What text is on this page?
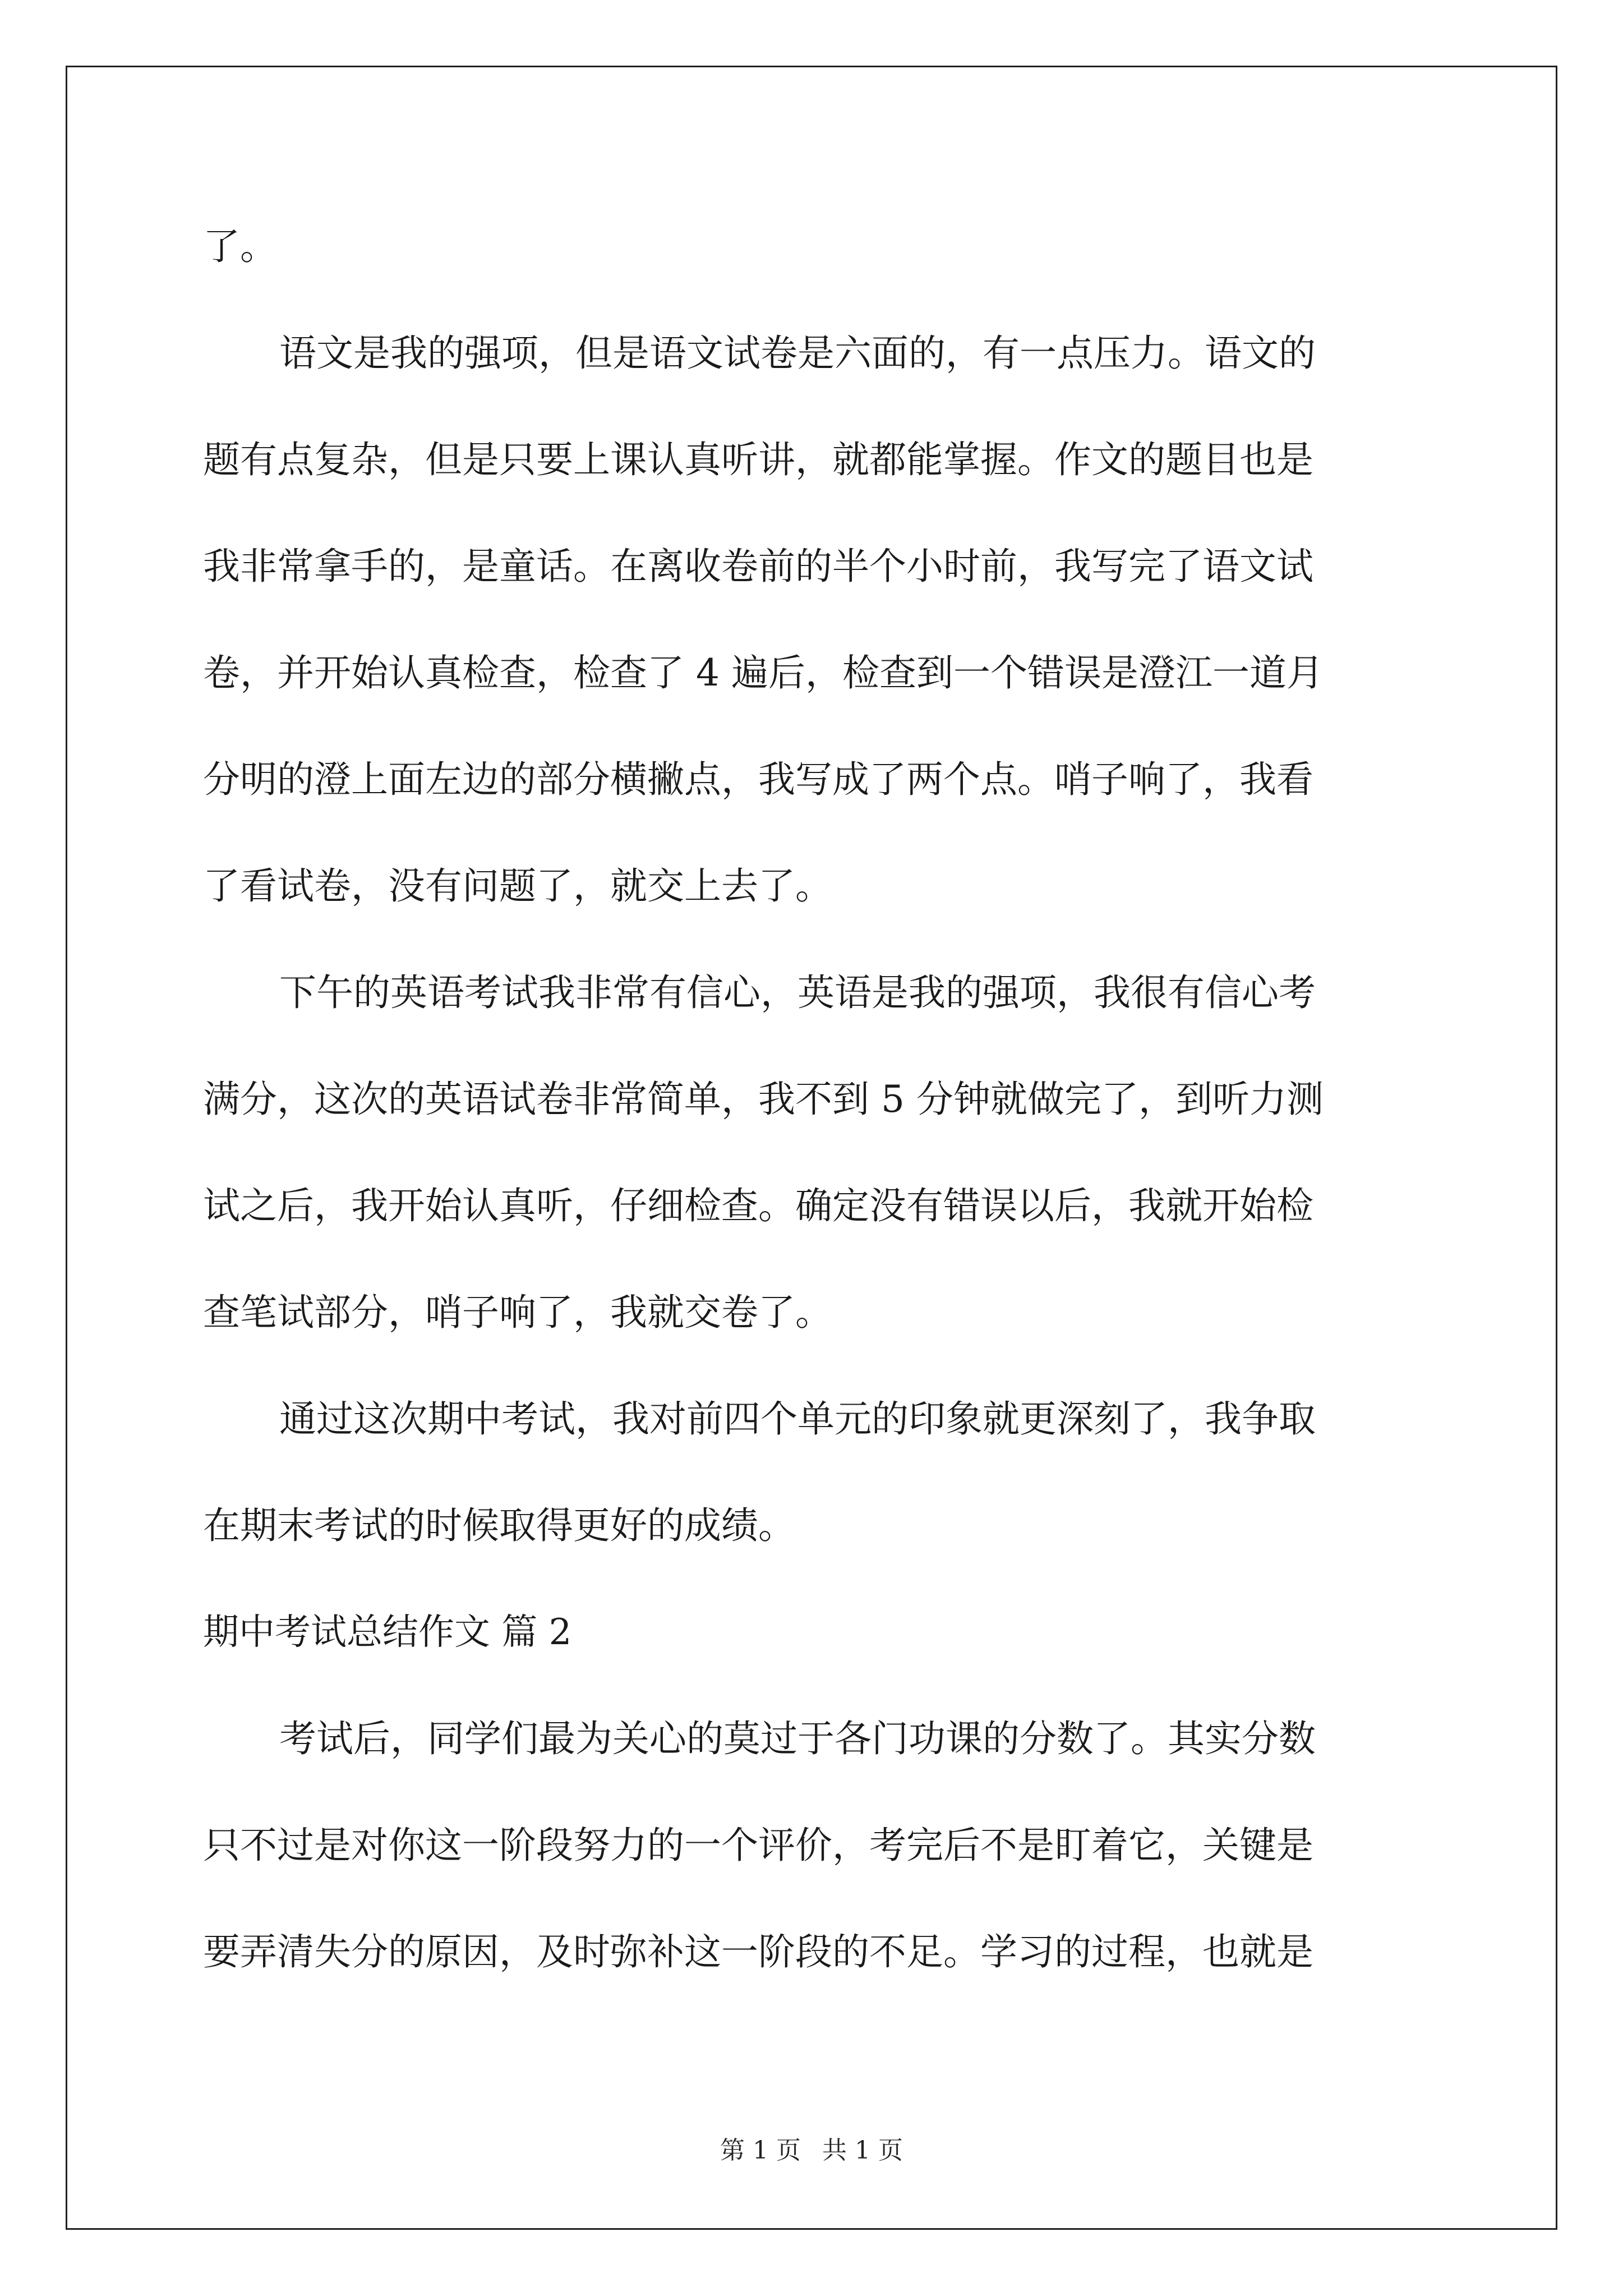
了。
语文是我的强项，但是语文试卷是六面的，有一点压力。语文的
题有点复杂，但是只要上课认真听讲，就都能掌握。作文的题目也是
我非常拿手的，是童话。在离收卷前的半个小时前，我写完了语文试
卷，并开始认真检查，检查了 4 遍后，检查到一个错误是澄江一道月
分明的澄上面左边的部分横撇点，我写成了两个点。哨子响了，我看
了看试卷，没有问题了，就交上去了。
下午的英语考试我非常有信心，英语是我的强项，我很有信心考
满分，这次的英语试卷非常简单，我不到 5 分钟就做完了，到听力测
试之后，我开始认真听，仔细检查。确定没有错误以后，我就开始检
查笔试部分，哨子响了，我就交卷了。
通过这次期中考试，我对前四个单元的印象就更深刻了，我争取
在期末考试的时候取得更好的成绩。
期中考试总结作文 篇 2
考试后，同学们最为关心的莫过于各门功课的分数了。其实分数
只不过是对你这一阶段努力的一个评价，考完后不是盯着它，关键是
要弄清失分的原因，及时弥补这一阶段的不足。学习的过程，也就是
第 1 页 共 1 页
